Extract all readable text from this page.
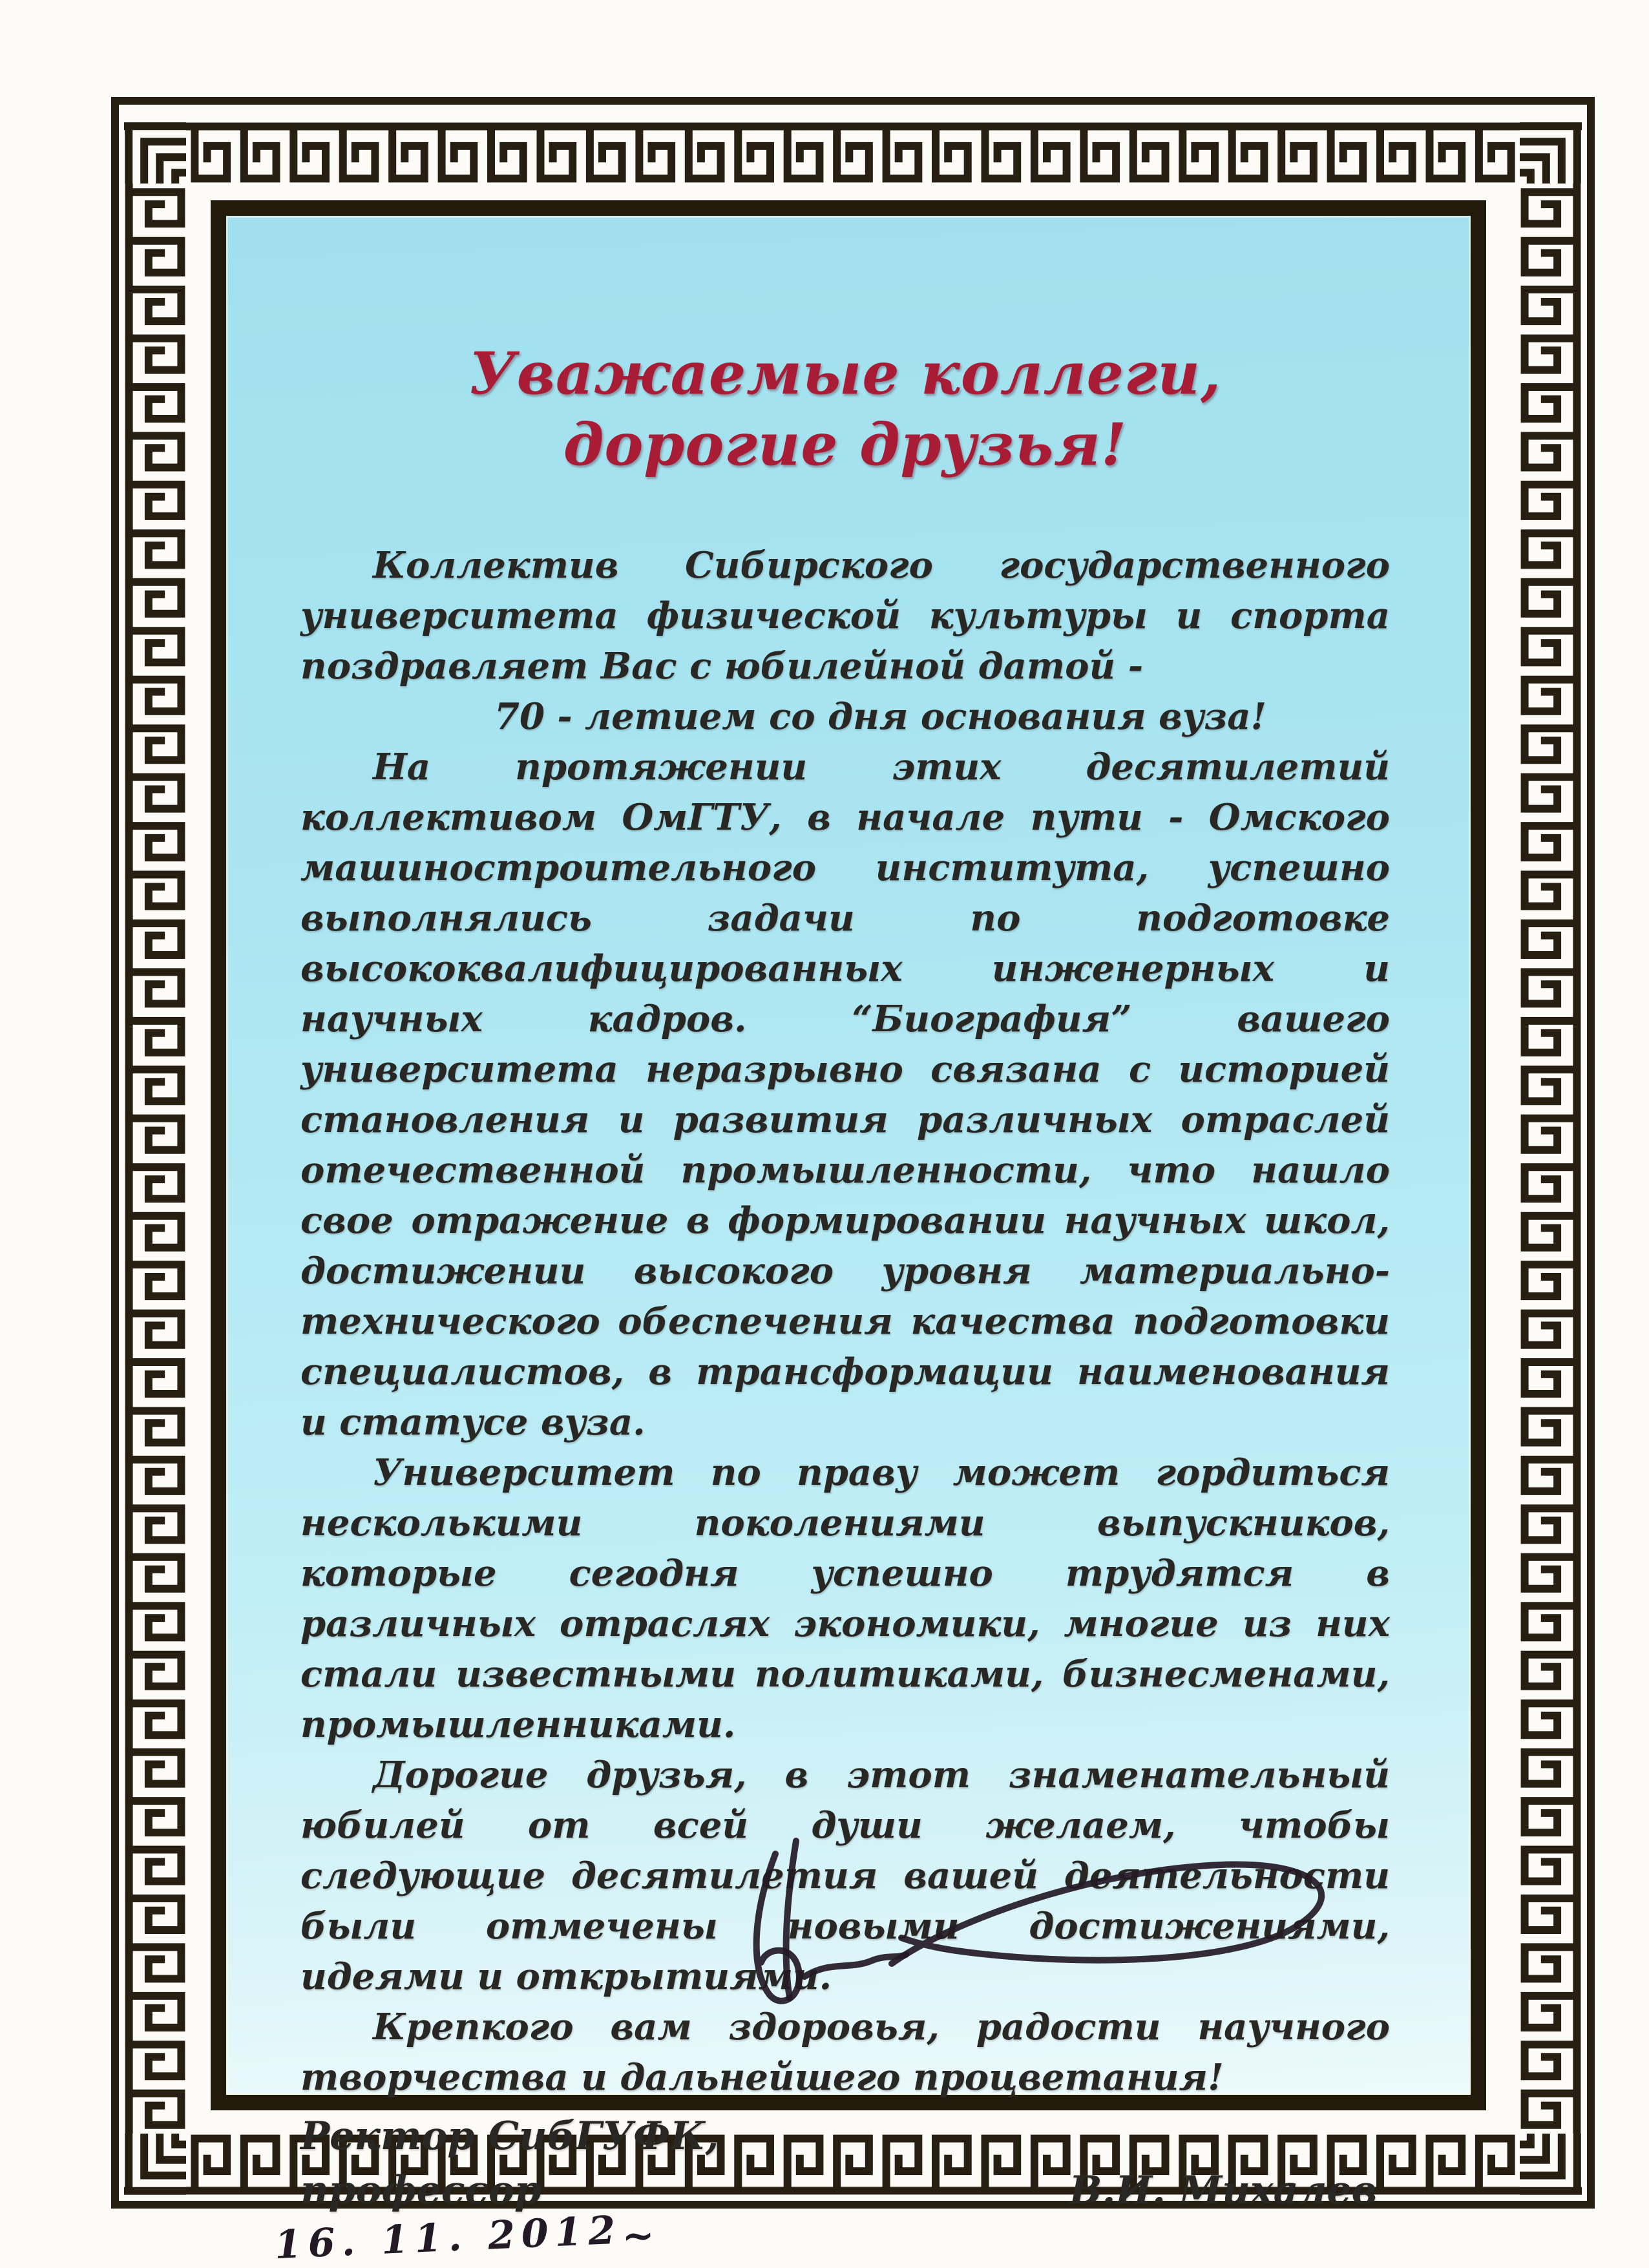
Уважаемые коллеги,
дорогие друзья!

Коллектив Сибирского государственного университета физической культуры и спорта поздравляет Вас с юбилейной датой -

70 - летием со дня основания вуза!

На протяжении этих десятилетий коллективом ОмГТУ, в начале пути - Омского машиностроительного института, успешно выполнялись задачи по подготовке высококвалифицированных инженерных и научных кадров. “Биография” вашего университета неразрывно связана с историей становления и развития различных отраслей отечественной промышленности, что нашло свое отражение в формировании научных школ, достижении высокого уровня материально-технического обеспечения качества подготовки специалистов, в трансформации наименования и статусе вуза.

Университет по праву может гордиться несколькими поколениями выпускников, которые сегодня успешно трудятся в различных отраслях экономики, многие из них стали известными политиками, бизнесменами, промышленниками.

Дорогие друзья, в этот знаменательный юбилей от всей души желаем, чтобы следующие десятилетия вашей деятельности были отмечены новыми достижениями, идеями и открытиями.

Крепкого вам здоровья, радости научного творчества и дальнейшего процветания!

Ректор СибГУФК,
профессор	В.И. Михалев
16. 11. 2012~
